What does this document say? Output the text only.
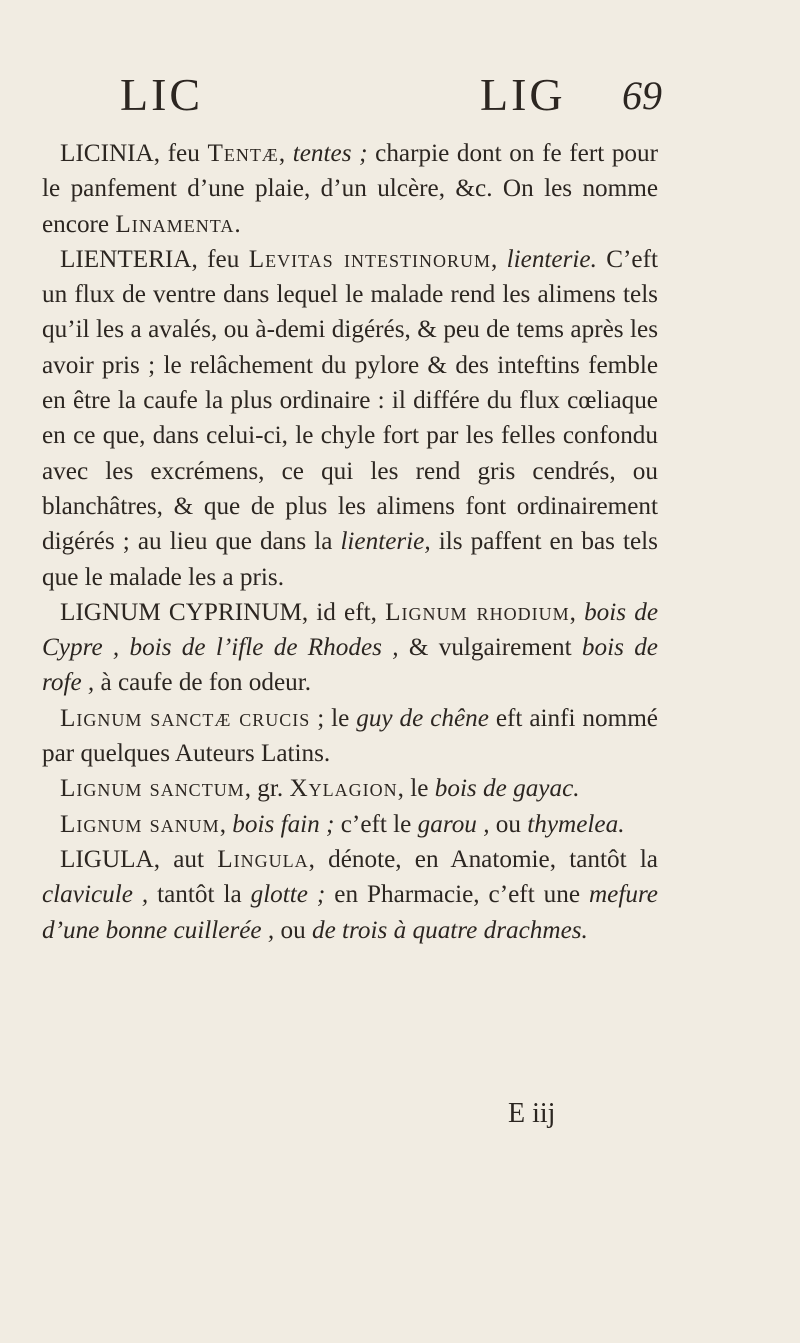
LIC	LIG 69

LICINIA, feu Tentæ, tentes ; charpie dont on fe fert pour le panfement d’une plaie, d’un ulcère, &c. On les nomme encore Linamenta.

LIENTERIA, feu Levitas intestinorum, lienterie. C’eft un flux de ventre dans lequel le malade rend les alimens tels qu’il les a avalés, ou à-demi digérés, & peu de tems après les avoir pris ; le relâchement du pylore & des inteftins femble en être la caufe la plus ordinaire : il différe du flux cœliaque en ce que, dans celui-ci, le chyle fort par les felles confondu avec les excrémens, ce qui les rend gris cendrés, ou blanchâtres, & que de plus les alimens font ordinairement digérés ; au lieu que dans la lienterie, ils paffent en bas tels que le malade les a pris.

LIGNUM CYPRINUM, id eft, Lignum rhodium, bois de Cypre , bois de l’ifle de Rhodes , & vulgairement bois de rofe , à caufe de fon odeur.

Lignum sanctæ crucis ; le guy de chêne eft ainfi nommé par quelques Auteurs Latins.

Lignum sanctum, gr. Xylagion, le bois de gayac.

Lignum sanum, bois fain ; c’eft le garou , ou thymelea.

LIGULA, aut Lingula, dénote, en Anatomie, tantôt la clavicule , tantôt la glotte ; en Pharmacie, c’eft une mefure d’une bonne cuillerée , ou de trois à quatre drachmes.

E iij
